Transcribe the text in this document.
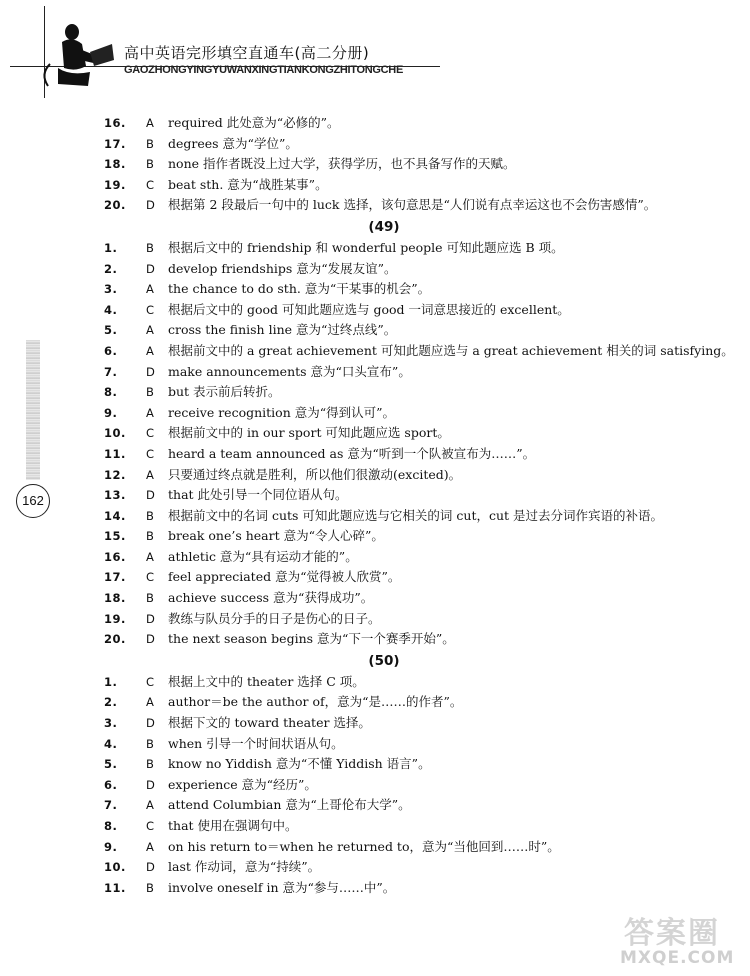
高中英语完形填空直通车(高二分册)
GAOZHONGYINGYUWANXINGTIANKONGZHITONGCHE
162
16. A required 此处意为“必修的”。
17. B degrees 意为“学位”。
18. B none 指作者既没上过大学，获得学历，也不具备写作的天赋。
19. C beat sth. 意为“战胜某事”。
20. D 根据第 2 段最后一句中的 luck 选择，该句意思是“人们说有点幸运这也不会伤害感情”。
(49)
1. B 根据后文中的 friendship 和 wonderful people 可知此题应选 B 项。
2. D develop friendships 意为“发展友谊”。
3. A the chance to do sth. 意为“干某事的机会”。
4. C 根据后文中的 good 可知此题应选与 good 一词意思接近的 excellent。
5. A cross the finish line 意为“过终点线”。
6. A 根据前文中的 a great achievement 可知此题应选与 a great achievement 相关的词 satisfying。
7. D make announcements 意为“口头宣布”。
8. B but 表示前后转折。
9. A receive recognition 意为“得到认可”。
10. C 根据前文中的 in our sport 可知此题应选 sport。
11. C heard a team announced as 意为“听到一个队被宣布为……”。
12. A 只要通过终点就是胜利，所以他们很激动(excited)。
13. D that 此处引导一个同位语从句。
14. B 根据前文中的名词 cuts 可知此题应选与它相关的词 cut，cut 是过去分词作宾语的补语。
15. B break one’s heart 意为“令人心碎”。
16. A athletic 意为“具有运动才能的”。
17. C feel appreciated 意为“觉得被人欣赏”。
18. B achieve success 意为“获得成功”。
19. D 教练与队员分手的日子是伤心的日子。
20. D the next season begins 意为“下一个赛季开始”。
(50)
1. C 根据上文中的 theater 选择 C 项。
2. A author＝be the author of，意为“是……的作者”。
3. D 根据下文的 toward theater 选择。
4. B when 引导一个时间状语从句。
5. B know no Yiddish 意为“不懂 Yiddish 语言”。
6. D experience 意为“经历”。
7. A attend Columbian 意为“上哥伦布大学”。
8. C that 使用在强调句中。
9. A on his return to＝when he returned to，意为“当他回到……时”。
10. D last 作动词，意为“持续”。
11. B involve oneself in 意为“参与……中”。
答案圈
MXQE.COM
